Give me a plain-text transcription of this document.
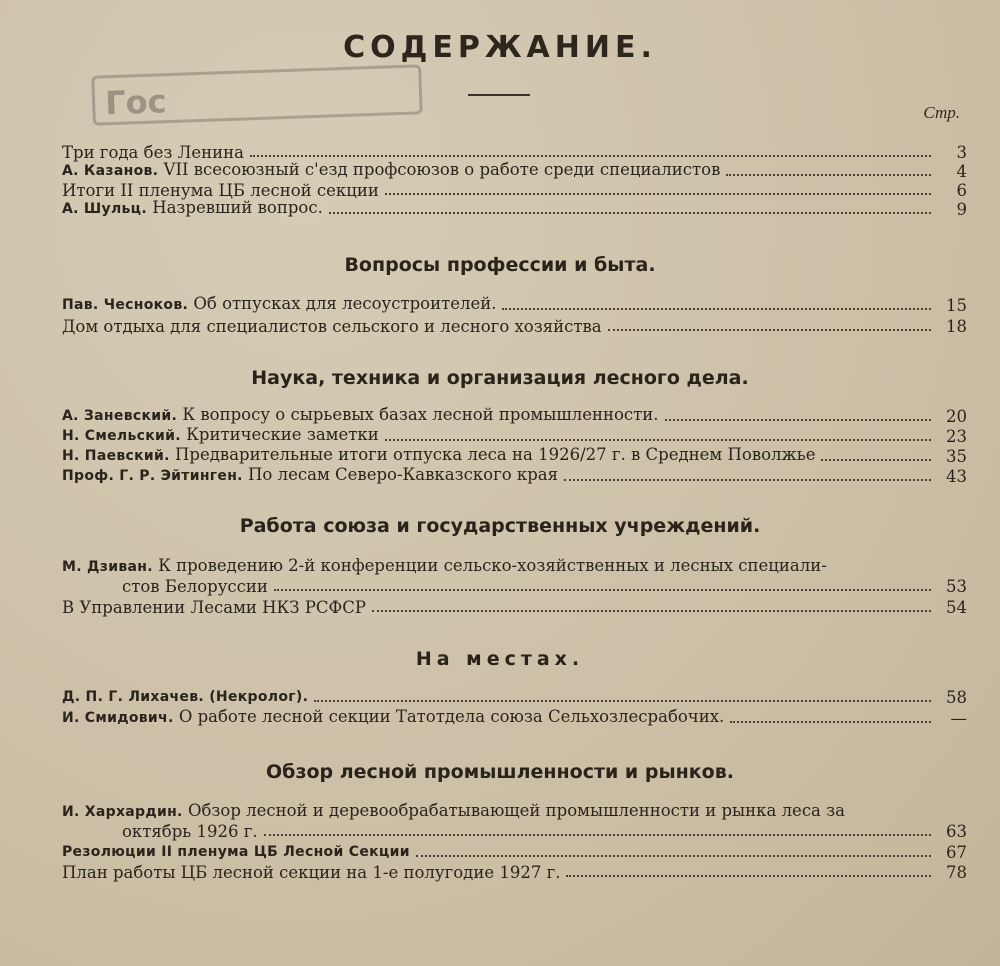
Гос
СОДЕРЖАНИЕ.
Стр.
Три года без Ленина	3
А. Казанов. VII всесоюзный с'езд профсоюзов о работе среди специалистов	4
Итоги II пленума ЦБ лесной секции	6
А. Шульц. Назревший вопрос.	9
Вопросы профессии и быта.
Пав. Чесноков. Об отпусках для лесоустроителей.	15
Дом отдыха для специалистов сельского и лесного хозяйства	18
Наука, техника и организация лесного дела.
А. Заневский. К вопросу о сырьевых базах лесной промышленности.	20
Н. Смельский. Критические заметки	23
Н. Паевский. Предварительные итоги отпуска леса на 1926/27 г. в Среднем Поволжье	35
Проф. Г. Р. Эйтинген. По лесам Северо-Кавказского края	43
Работа союза и государственных учреждений.
М. Дзиван. К проведению 2-й конференции сельско-хозяйственных и лесных специали-
стов Белоруссии	53
В Управлении Лесами НКЗ РСФСР	54
На местах.
Д. П. Г. Лихачев. (Некролог).	58
И. Смидович. О работе лесной секции Татотдела союза Сельхозлесрабочих.	—
Обзор лесной промышленности и рынков.
И. Хархардин. Обзор лесной и деревообрабатывающей промышленности и рынка леса за
октябрь 1926 г.	63
Резолюции II пленума ЦБ Лесной Секции	67
План работы ЦБ лесной секции на 1-е полугодие 1927 г.	78
